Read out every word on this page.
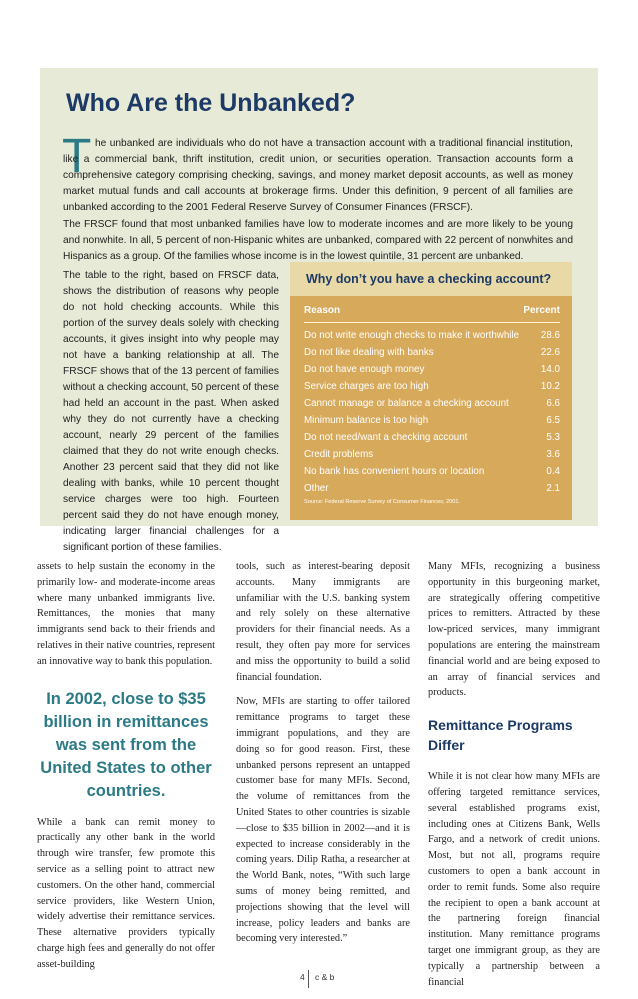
Who Are the Unbanked?
T he unbanked are individuals who do not have a transaction account with a traditional financial institution, like a commercial bank, thrift institution, credit union, or securities operation. Transaction accounts form a comprehensive category comprising checking, savings, and money market deposit accounts, as well as money market mutual funds and call accounts at brokerage firms. Under this definition, 9 percent of all families are unbanked according to the 2001 Federal Reserve Survey of Consumer Finances (FRSCF).

The FRSCF found that most unbanked families have low to moderate incomes and are more likely to be young and nonwhite. In all, 5 percent of non-Hispanic whites are unbanked, compared with 22 percent of nonwhites and Hispanics as a group. Of the families whose income is in the lowest quintile, 31 percent are unbanked.

The table to the right, based on FRSCF data, shows the distribution of reasons why people do not hold checking accounts. While this portion of the survey deals solely with checking accounts, it gives insight into why people may not have a banking relationship at all. The FRSCF shows that of the 13 percent of families without a checking account, 50 percent of these had held an account in the past. When asked why they do not currently have a checking account, nearly 29 percent of the families claimed that they do not write enough checks. Another 23 percent said that they did not like dealing with banks, while 10 percent thought service charges were too high. Fourteen percent said they do not have enough money, indicating larger financial challenges for a significant portion of these families.

Why don’t you have a checking account?
Reason	Percent
Do not write enough checks to make it worthwhile 28.6
Do not like dealing with banks	22.6
Do not have enough money	14.0
Service charges are too high	10.2
Cannot manage or balance a checking account	6.6
Minimum balance is too high	6.5
Do not need/want a checking account	5.3
Credit problems	3.6
No bank has convenient hours or location	0.4
Other	2.1
Source: Federal Reserve Survey of Consumer Finances, 2001.

assets to help sustain the economy in the primarily low- and moderate-income areas where many unbanked immigrants live. Remittances, the monies that many immigrants send back to their friends and relatives in their native countries, represent an innovative way to bank this population.

In 2002, close to $35 billion in remittances was sent from the United States to other countries.

While a bank can remit money to practically any other bank in the world through wire transfer, few promote this service as a selling point to attract new customers. On the other hand, commercial service providers, like Western Union, widely advertise their remittance services. These alternative providers typically charge high fees and generally do not offer asset-building

tools, such as interest-bearing deposit accounts. Many immigrants are unfamiliar with the U.S. banking system and rely solely on these alternative providers for their financial needs. As a result, they often pay more for services and miss the opportunity to build a solid financial foundation.

Now, MFIs are starting to offer tailored remittance programs to target these immigrant populations, and they are doing so for good reason. First, these unbanked persons represent an untapped customer base for many MFIs. Second, the volume of remittances from the United States to other countries is sizable—close to $35 billion in 2002—and it is expected to increase considerably in the coming years. Dilip Ratha, a researcher at the World Bank, notes, “With such large sums of money being remitted, and projections showing that the level will increase, policy leaders and banks are becoming very interested.”

Many MFIs, recognizing a business opportunity in this burgeoning market, are strategically offering competitive prices to remitters. Attracted by these low-priced services, many immigrant populations are entering the mainstream financial world and are being exposed to an array of financial services and products.

Remittance Programs Differ

While it is not clear how many MFIs are offering targeted remittance services, several established programs exist, including ones at Citizens Bank, Wells Fargo, and a network of credit unions. Most, but not all, programs require customers to open a bank account in order to remit funds. Some also require the recipient to open a bank account at the partnering foreign financial institution. Many remittance programs target one immigrant group, as they are typically a partnership between a financial

4 c & b
